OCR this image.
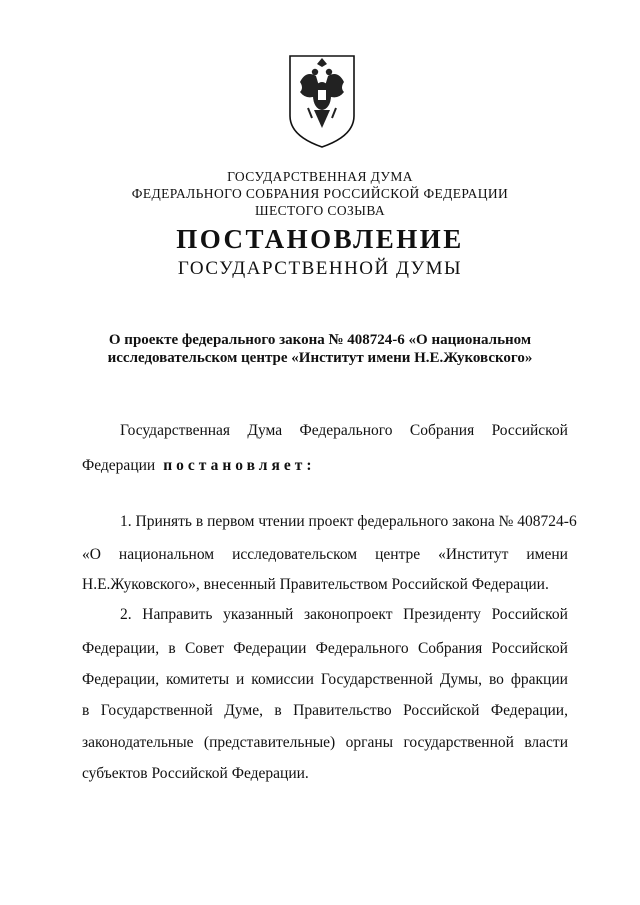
ГОСУДАРСТВЕННАЯ ДУМА
ФЕДЕРАЛЬНОГО СОБРАНИЯ РОССИЙСКОЙ ФЕДЕРАЦИИ
ШЕСТОГО СОЗЫВА
ПОСТАНОВЛЕНИЕ
ГОСУДАРСТВЕННОЙ ДУМЫ
О проекте федерального закона № 408724-6 «О национальном
исследовательском центре «Институт имени Н.Е.Жуковского»
Государственная Дума Федерального Собрания Российской
Федерации постановляет:
1. Принять в первом чтении проект федерального закона № 408724-6
«О национальном исследовательском центре «Институт имени
Н.Е.Жуковского», внесенный Правительством Российской Федерации.
2. Направить указанный законопроект Президенту Российской
Федерации, в Совет Федерации Федерального Собрания Российской
Федерации, комитеты и комиссии Государственной Думы, во фракции
в Государственной Думе, в Правительство Российской Федерации,
законодательные (представительные) органы государственной власти
субъектов Российской Федерации.
